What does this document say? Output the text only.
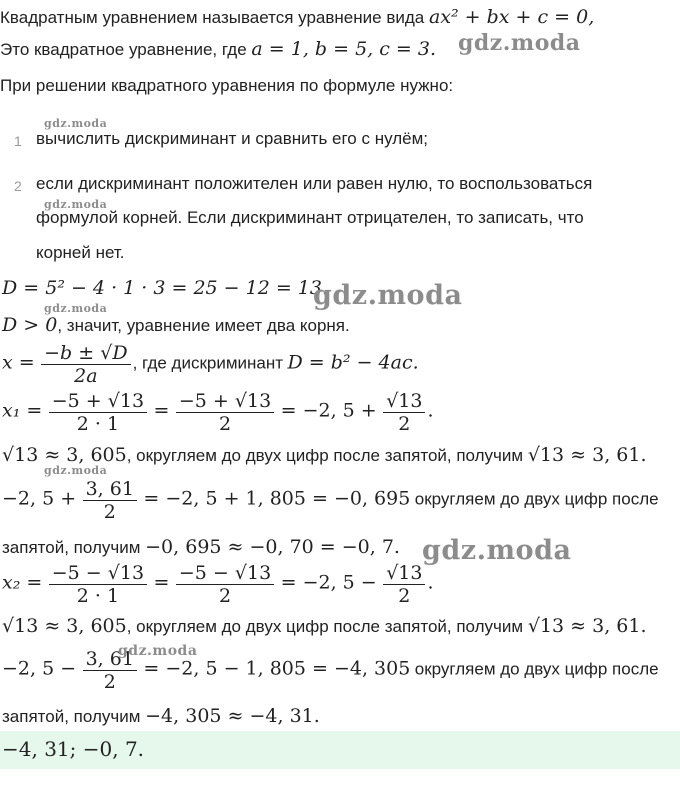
Квадратным уравнением называется уравнение вида ax² + bx + c = 0,
Это квадратное уравнение, где a = 1, b = 5, c = 3.
При решении квадратного уравнения по формуле нужно:
1 вычислить дискриминант и сравнить его с нулём;
2 если дискриминант положителен или равен нулю, то воспользоваться
формулой корней. Если дискриминант отрицателен, то записать, что
корней нет.
D = 5² − 4 · 1 · 3 = 25 − 12 = 13.
D > 0, значит, уравнение имеет два корня.
$x = \frac{-b \pm √D}{2a}$ , где дискриминант D = b² − 4ac.
$x_1 = \frac{-5 + √13}{2 \cdot 1} = \frac{-5 + √13}{2} = -2$, $5 + \frac{√13}{2}$ .
√13 ≈ 3, 605, округляем до двух цифр после запятой, получим √13 ≈ 3, 61.
−2, $5 + \frac{3, 61}{2} = -2$, 5 + 1, 805 = −0, 695 округляем до двух цифр после
запятой, получим −0, 695 ≈ −0, 70 = −0, 7.
$x_2 = \frac{-5 - √13}{2 \cdot 1} = \frac{-5 - √13}{2} = -2$, $5 - \frac{√13}{2}$ .
√13 ≈ 3, 605, округляем до двух цифр после запятой, получим √13 ≈ 3, 61.
−2, $5 - \frac{3, 61}{2} = -2$, 5 − 1, 805 = −4, 305 округляем до двух цифр после
запятой, получим −4, 305 ≈ −4, 31.
−4, 31; −0, 7.
gdz.moda
gdz.moda
gdz.moda
gdz.moda
gdz.moda
gdz.moda
gdz.moda
gdz.moda
